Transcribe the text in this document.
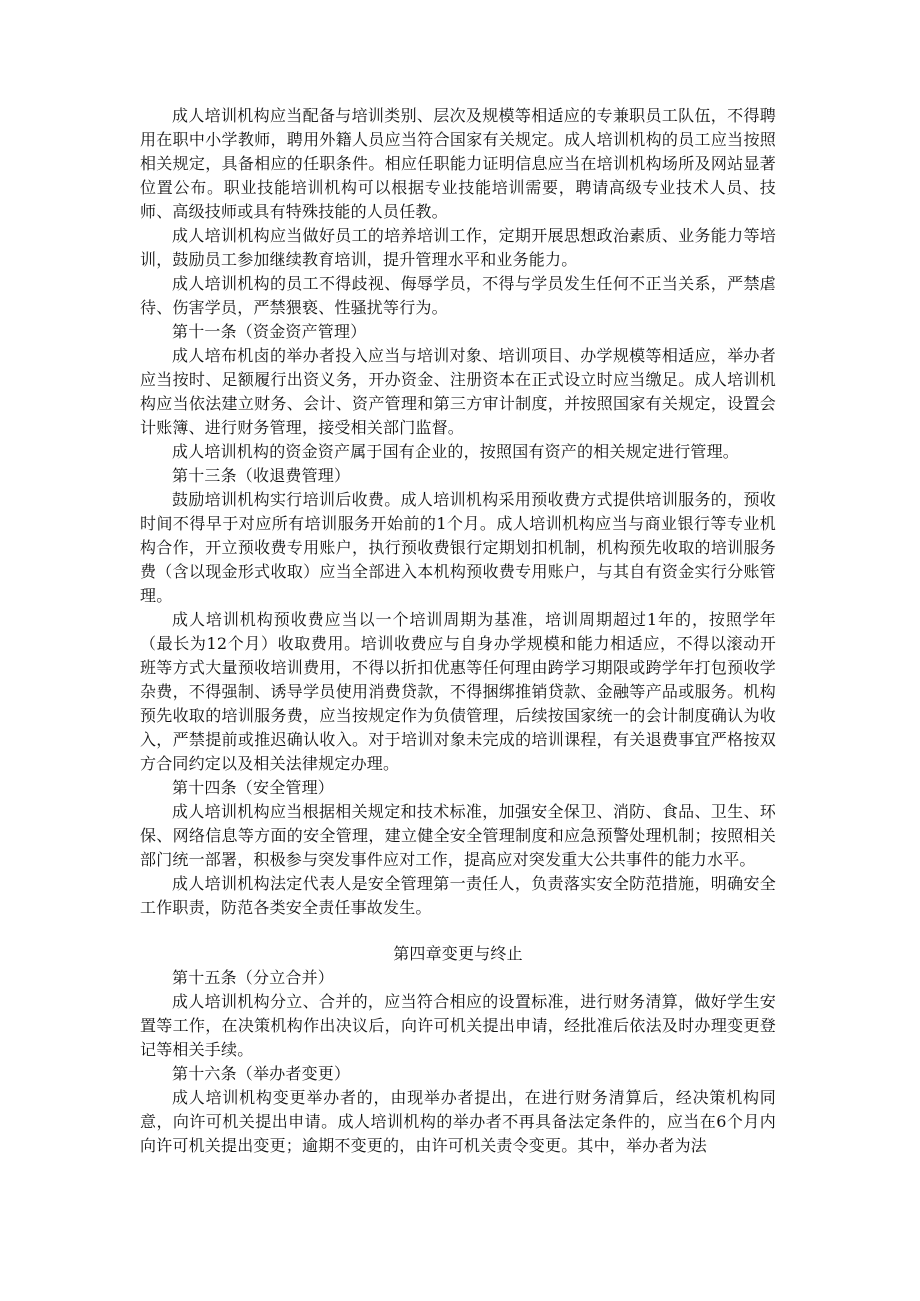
成人培训机构应当配备与培训类别、层次及规模等相适应的专兼职员工队伍，不得聘用在职中小学教师，聘用外籍人员应当符合国家有关规定。成人培训机构的员工应当按照相关规定，具备相应的任职条件。相应任职能力证明信息应当在培训机构场所及网站显著位置公布。职业技能培训机构可以根据专业技能培训需要，聘请高级专业技术人员、技师、高级技师或具有特殊技能的人员任教。

成人培训机构应当做好员工的培养培训工作，定期开展思想政治素质、业务能力等培训，鼓励员工参加继续教育培训，提升管理水平和业务能力。

成人培训机构的员工不得歧视、侮辱学员，不得与学员发生任何不正当关系，严禁虐待、伤害学员，严禁猥亵、性骚扰等行为。

第十一条（资金资产管理）

成人培布机卤的举办者投入应当与培训对象、培训项目、办学规模等相适应，举办者应当按时、足额履行出资义务，开办资金、注册资本在正式设立时应当缴足。成人培训机构应当依法建立财务、会计、资产管理和第三方审计制度，并按照国家有关规定，设置会计账簿、进行财务管理，接受相关部门监督。

成人培训机构的资金资产属于国有企业的，按照国有资产的相关规定进行管理。

第十三条（收退费管理）

鼓励培训机构实行培训后收费。成人培训机构采用预收费方式提供培训服务的，预收时间不得早于对应所有培训服务开始前的1个月。成人培训机构应当与商业银行等专业机构合作，开立预收费专用账户，执行预收费银行定期划扣机制，机构预先收取的培训服务费（含以现金形式收取）应当全部进入本机构预收费专用账户，与其自有资金实行分账管理。

成人培训机构预收费应当以一个培训周期为基准，培训周期超过1年的，按照学年（最长为12个月）收取费用。培训收费应与自身办学规模和能力相适应，不得以滚动开班等方式大量预收培训费用，不得以折扣优惠等任何理由跨学习期限或跨学年打包预收学杂费，不得强制、诱导学员使用消费贷款，不得捆绑推销贷款、金融等产品或服务。机构预先收取的培训服务费，应当按规定作为负债管理，后续按国家统一的会计制度确认为收入，严禁提前或推迟确认收入。对于培训对象未完成的培训课程，有关退费事宜严格按双方合同约定以及相关法律规定办理。

第十四条（安全管理）

成人培训机构应当根据相关规定和技术标准，加强安全保卫、消防、食品、卫生、环保、网络信息等方面的安全管理，建立健全安全管理制度和应急预警处理机制；按照相关部门统一部署，积极参与突发事件应对工作，提高应对突发重大公共事件的能力水平。

成人培训机构法定代表人是安全管理第一责任人，负责落实安全防范措施，明确安全工作职责，防范各类安全责任事故发生。

第四章变更与终止

第十五条（分立合并）

成人培训机构分立、合并的，应当符合相应的设置标准，进行财务清算，做好学生安置等工作，在决策机构作出决议后，向许可机关提出申请，经批准后依法及时办理变更登记等相关手续。

第十六条（举办者变更）

成人培训机构变更举办者的，由现举办者提出，在进行财务清算后，经决策机构同意，向许可机关提出申请。成人培训机构的举办者不再具备法定条件的，应当在6个月内向许可机关提出变更；逾期不变更的，由许可机关责令变更。其中，举办者为法
